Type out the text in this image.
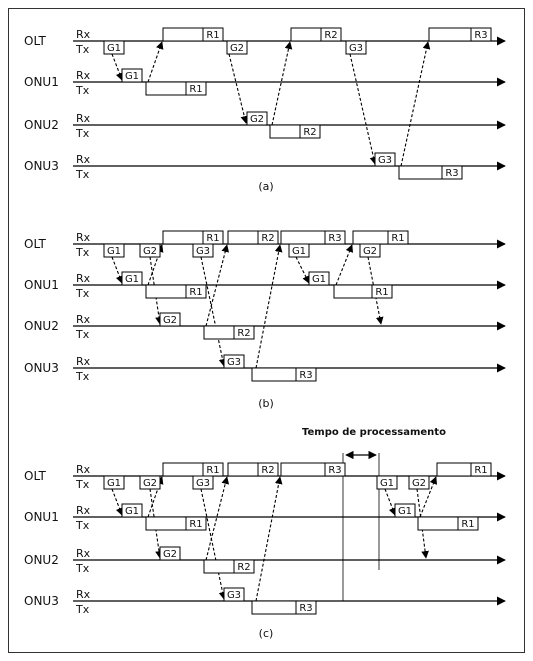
OLT	Rx
Tx
ONU1 Rx
Tx
ONU2 Rx
Tx
ONU3 Rx
Tx
G1
G1
R1
R1
G2
G2
R2
R2
G3
G3
R3
R3
(a)
OLT	Rx
Tx
ONU1 Rx
Tx
ONU2 Rx
Tx
ONU3 Rx
Tx
G1 G2	G3
G1
R1
R1
G2
R2
R2
G3
R3
R3
G1
G1
R1
R1
G2
(b)
OLT	Rx
Tx
ONU1 Rx
Tx
ONU2 Rx
Tx
ONU3 Rx
Tx
G1 G2	G3
G1
R1
R1
G2
R2
R2
G3
R3
R3
Tempo de processamento
G1 G2
G1
R1
R1
(c)
